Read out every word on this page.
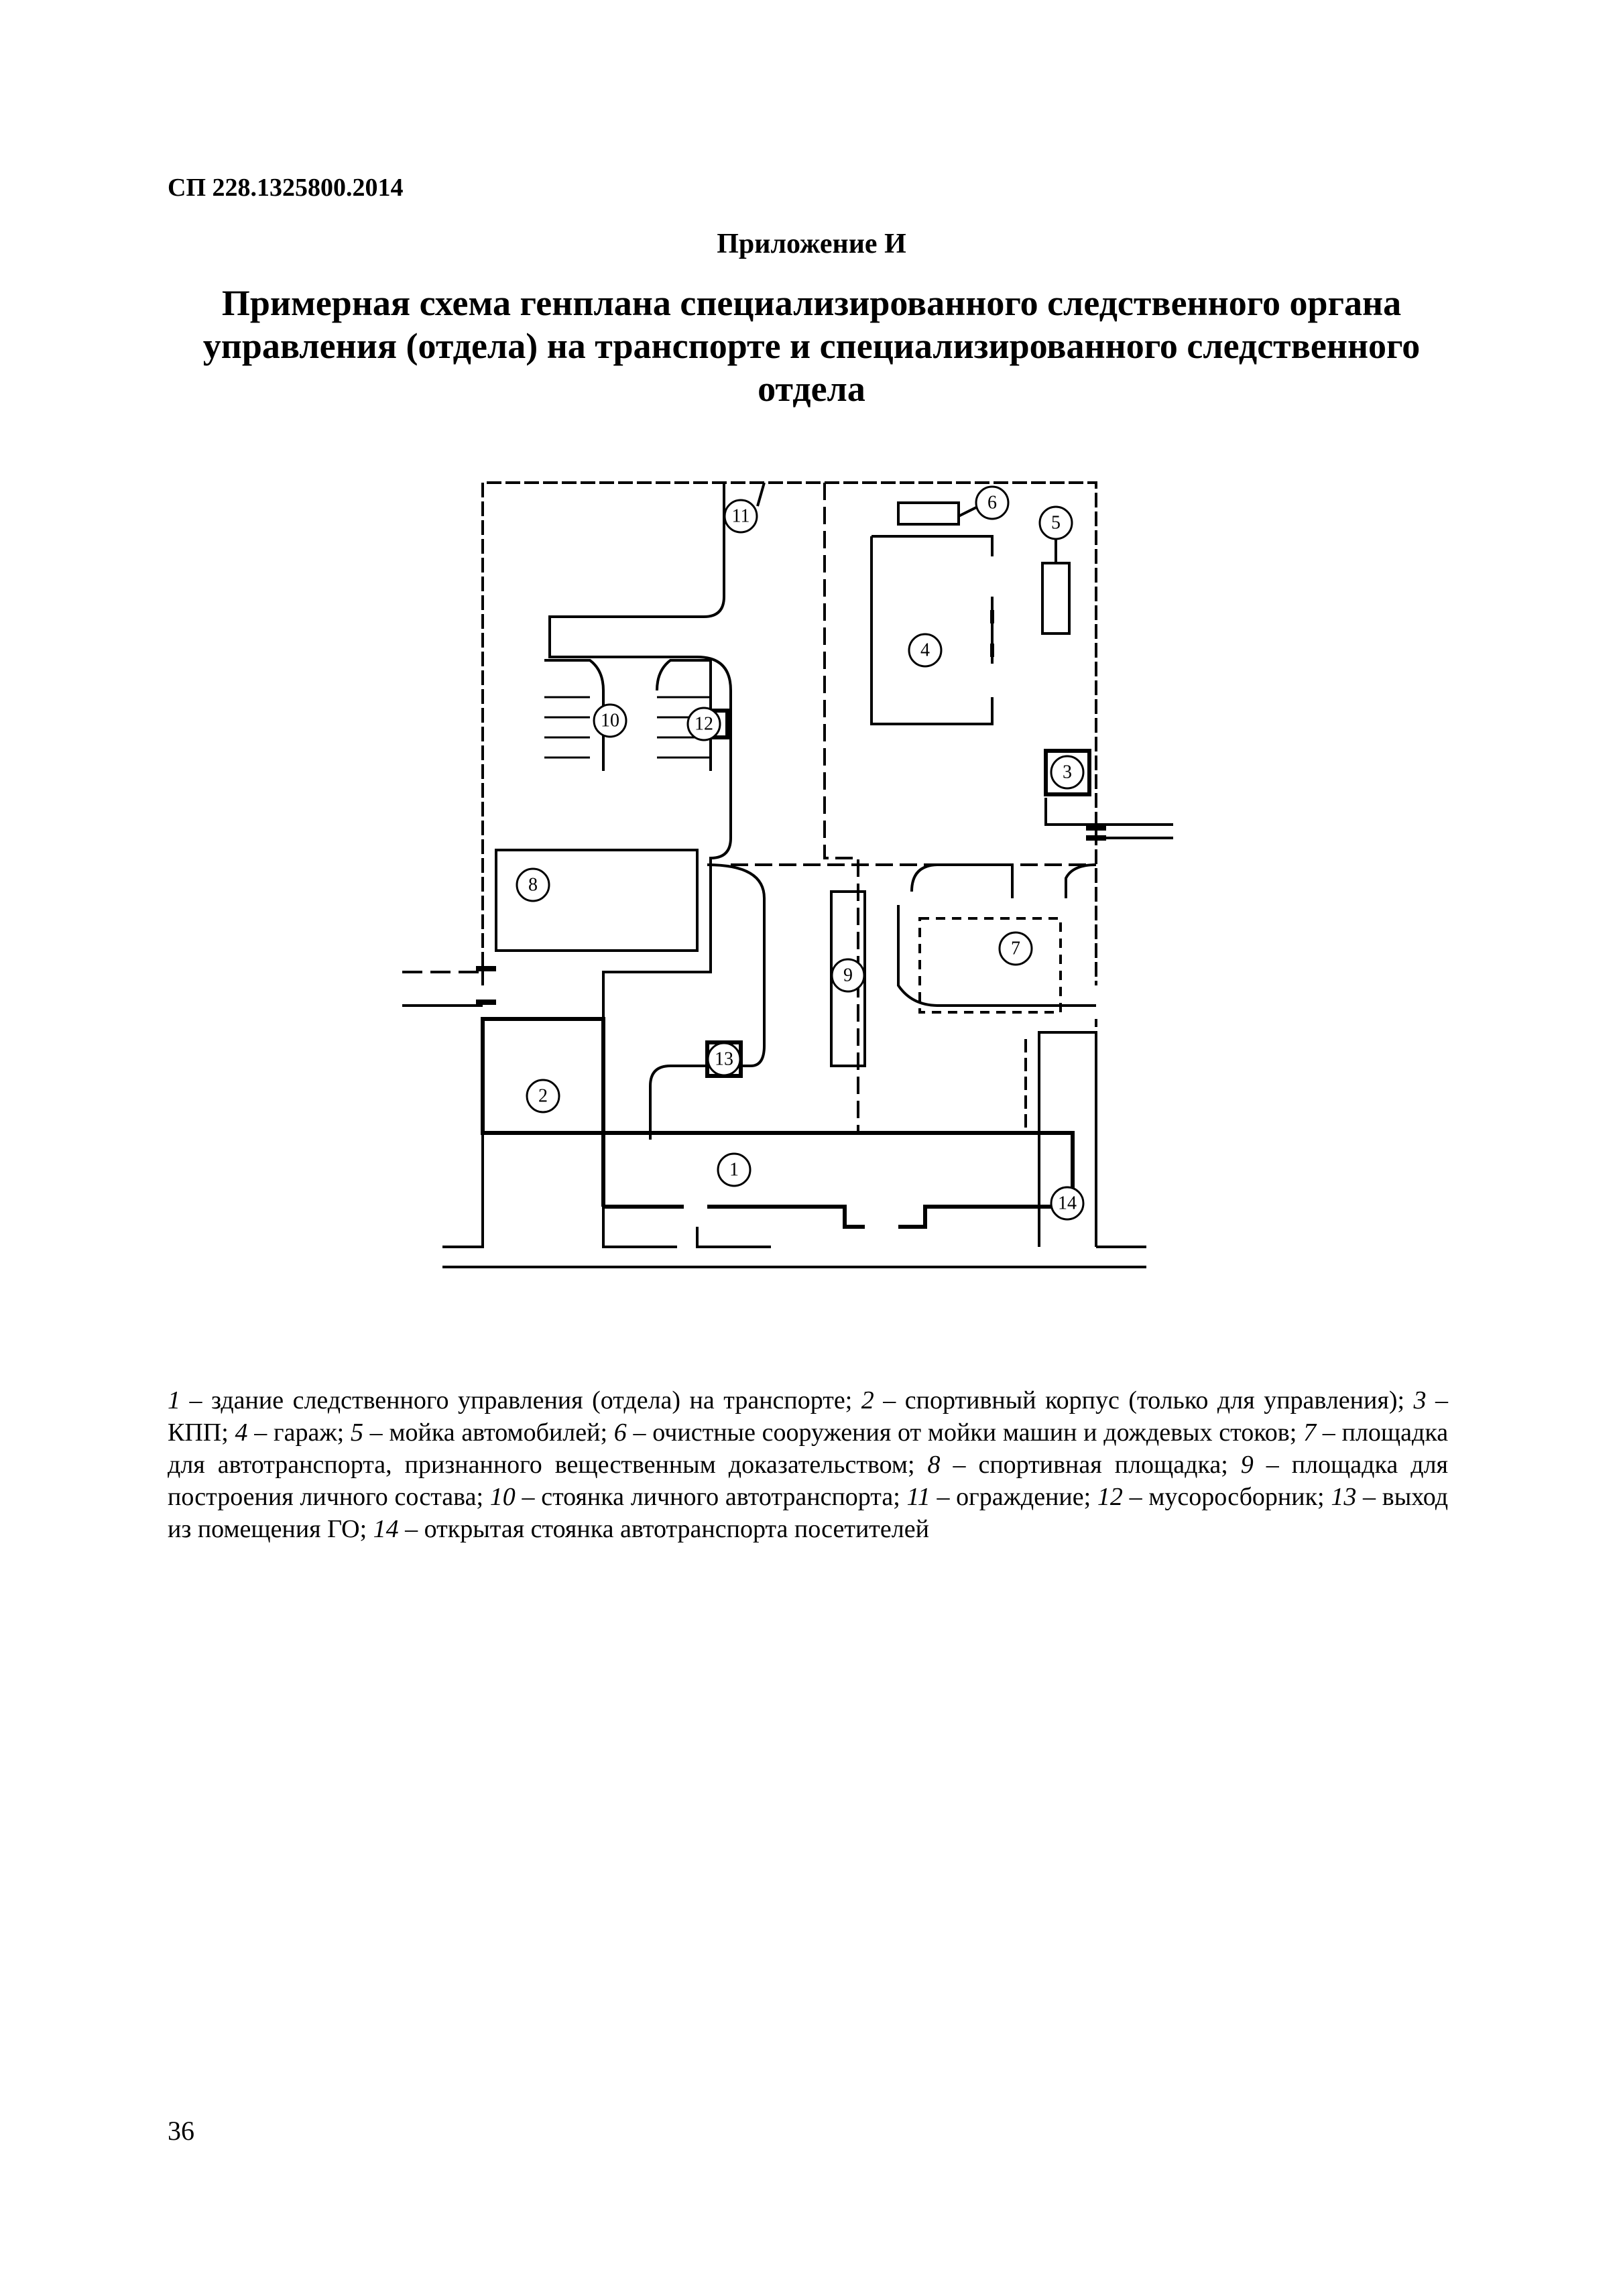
СП 228.1325800.2014
Приложение И
Примерная схема генплана специализированного следственного органа управления (отдела) на транспорте и специализированного следственного отдела
11
6
5
4
12
3
10
8
7
9
13
2
1
14

1 – здание следственного управления (отдела) на транспорте; 2 – спортивный корпус (только для управления); 3 – КПП; 4 – гараж; 5 – мойка автомобилей; 6 – очистные сооружения от мойки машин и дождевых стоков; 7 – площадка для автотранспорта, признанного вещественным доказательством; 8 – спортивная площадка; 9 – площадка для построения личного состава; 10 – стоянка личного автотранспорта; 11 – ограждение; 12 – мусоросборник; 13 – выход из помещения ГО; 14 – открытая стоянка автотранспорта посетителей

36
